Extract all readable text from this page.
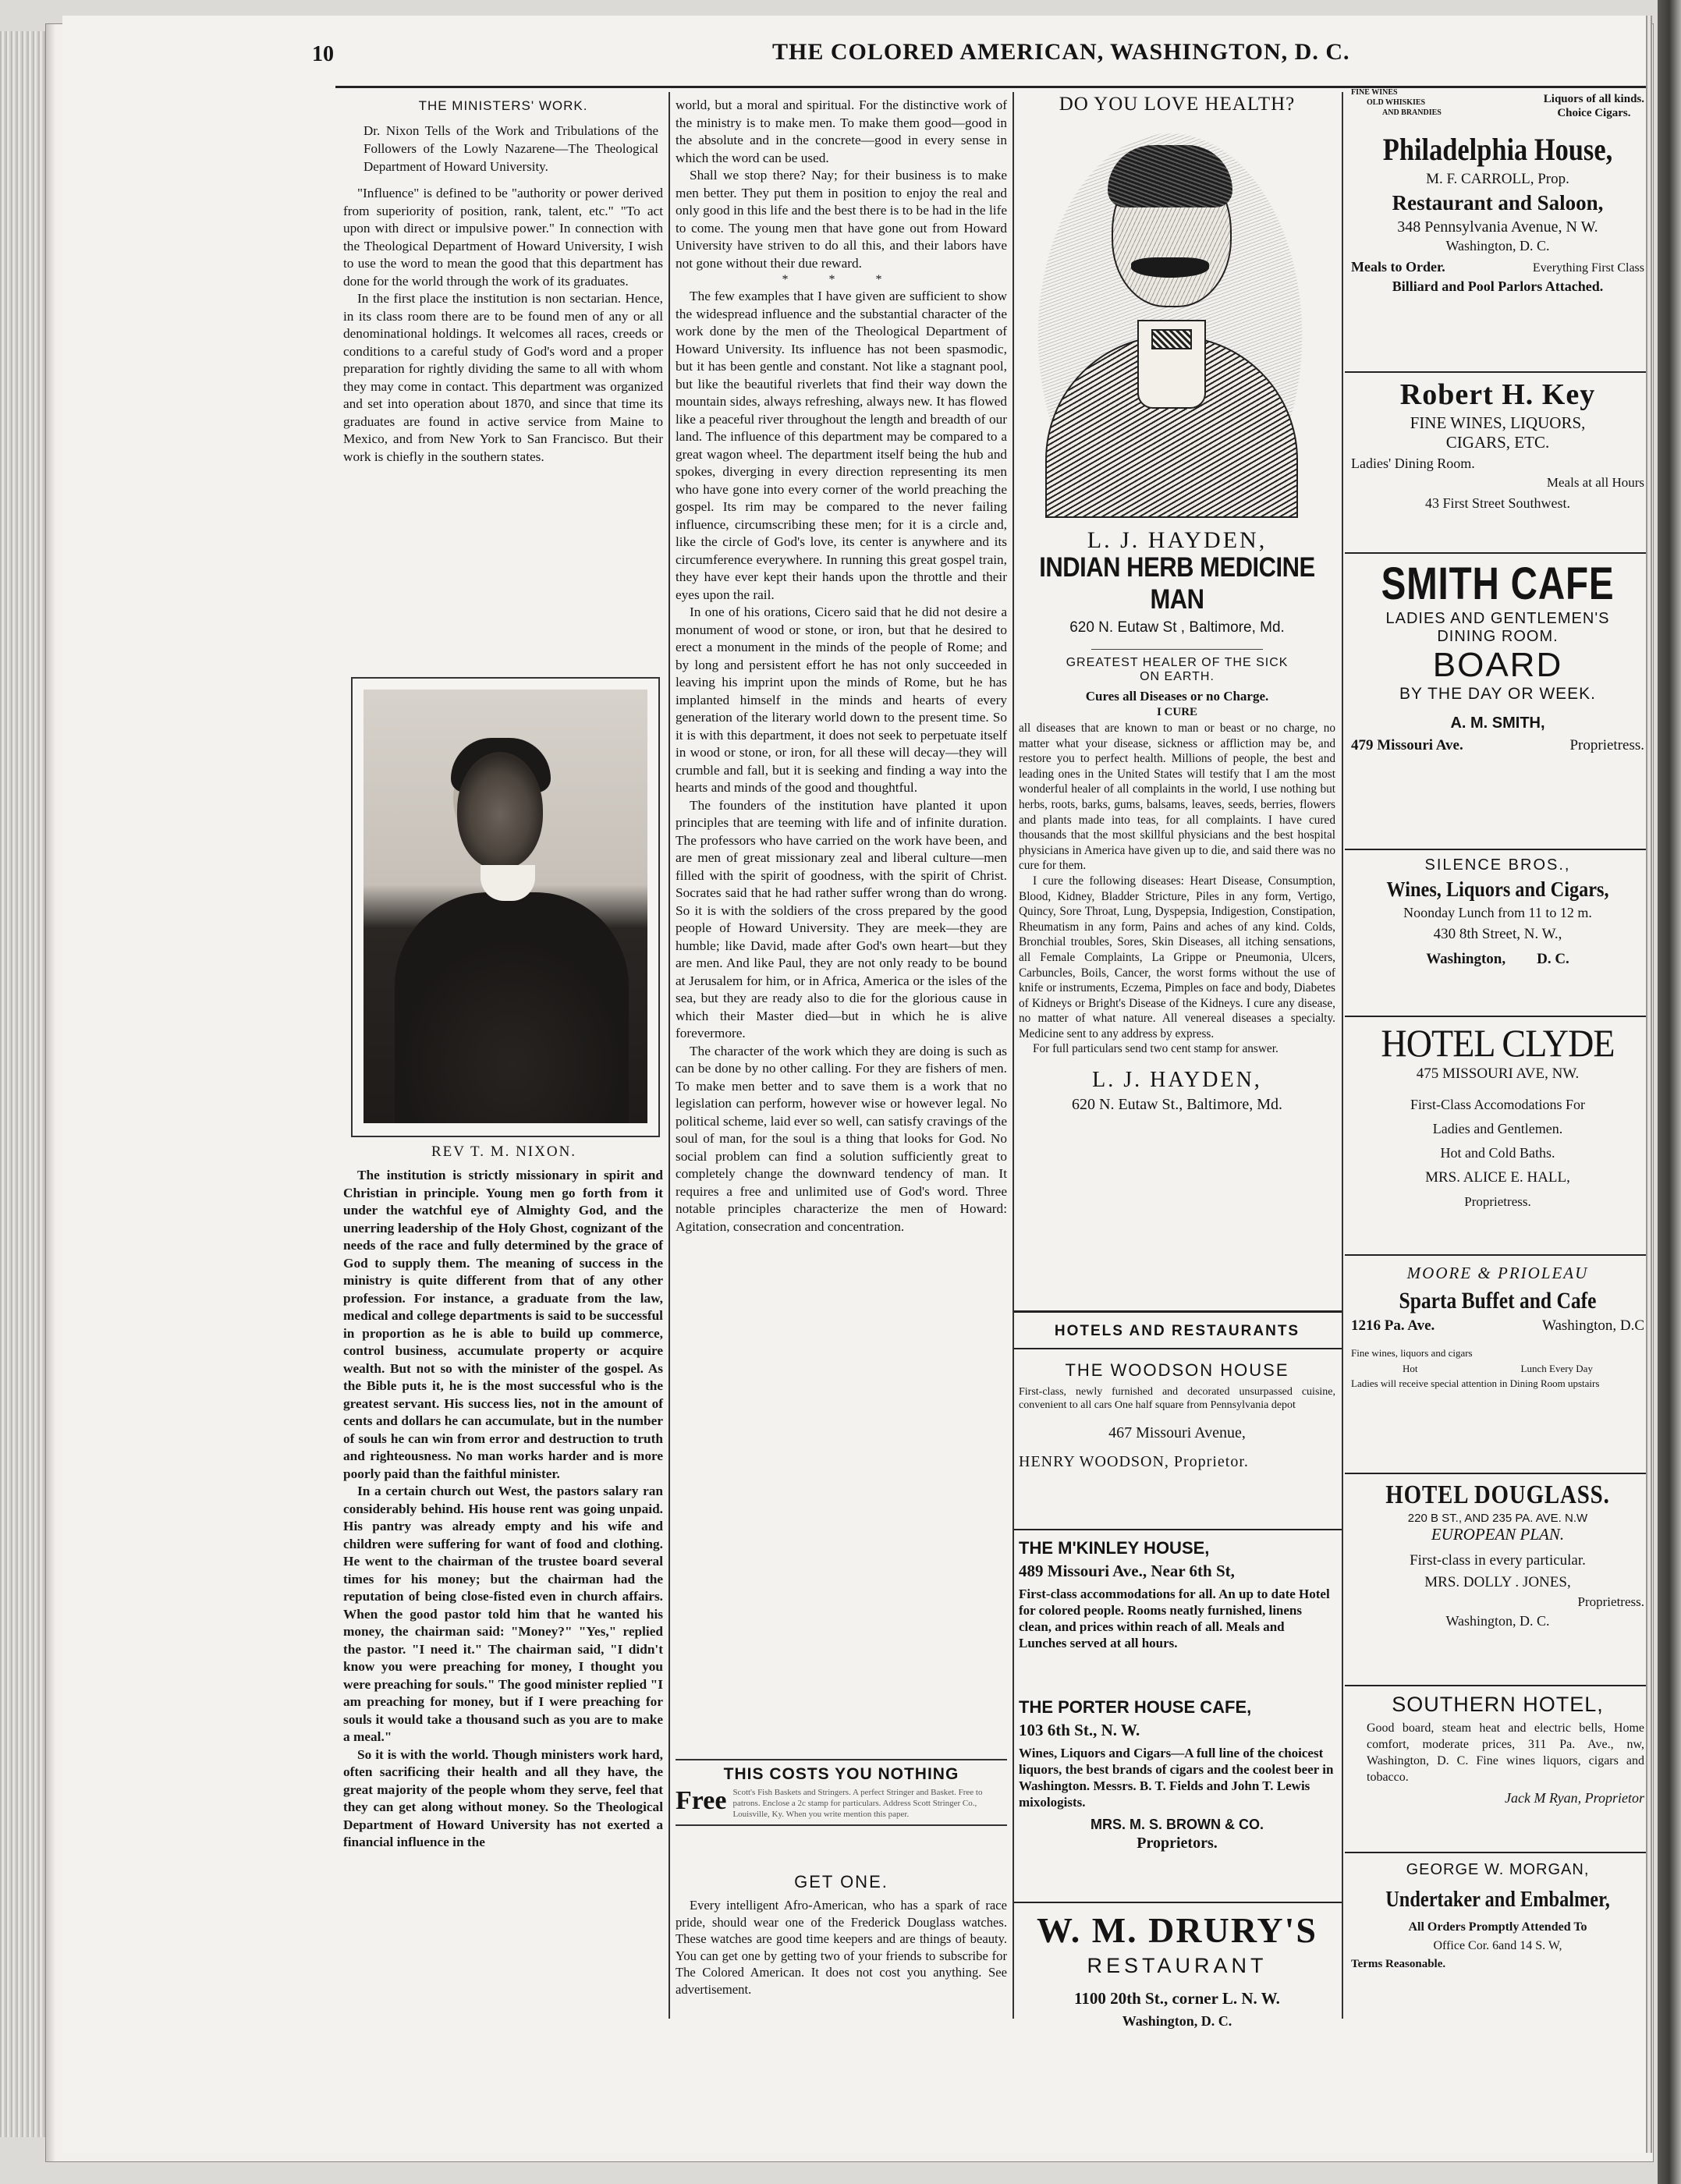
10	THE COLORED AMERICAN, WASHINGTON, D. C.
THE MINISTERS' WORK.
Dr. Nixon Tells of the Work and Tribulations of the Followers of the Lowly Nazarene—The Theological Department of Howard University.

"Influence" is defined to be "authority or power derived from superiority of position, rank, talent, etc." "To act upon with direct or impulsive power." In connection with the Theological Department of Howard University, I wish to use the word to mean the good that this department has done for the world through the work of its graduates.

In the first place the institution is non sectarian. Hence, in its class room there are to be found men of any or all denominational holdings. It welcomes all races, creeds or conditions to a careful study of God's word and a proper preparation for rightly dividing the same to all with whom they may come in contact. This department was organized and set into operation about 1870, and since that time its graduates are found in active service from Maine to Mexico, and from New York to San Francisco. But their work is chiefly in the southern states.

REV T. M. NIXON.

The institution is strictly missionary in spirit and Christian in principle. Young men go forth from it under the watchful eye of Almighty God, and the unerring leadership of the Holy Ghost, cognizant of the needs of the race and fully determined by the grace of God to supply them. The meaning of success in the ministry is quite different from that of any other profession. For instance, a graduate from the law, medical and college departments is said to be successful in proportion as he is able to build up commerce, control business, accumulate property or acquire wealth. But not so with the minister of the gospel. As the Bible puts it, he is the most successful who is the greatest servant. His success lies, not in the amount of cents and dollars he can accumulate, but in the number of souls he can win from error and destruction to truth and righteousness. No man works harder and is more poorly paid than the faithful minister.

In a certain church out West, the pastors salary ran considerably behind. His house rent was going unpaid. His pantry was already empty and his wife and children were suffering for want of food and clothing. He went to the chairman of the trustee board several times for his money; but the chairman had the reputation of being close-fisted even in church affairs. When the good pastor told him that he wanted his money, the chairman said: "Money?" "Yes," replied the pastor. "I need it." The chairman said, "I didn't know you were preaching for money, I thought you were preaching for souls." The good minister replied "I am preaching for money, but if I were preaching for souls it would take a thousand such as you are to make a meal."

So it is with the world. Though ministers work hard, often sacrificing their health and all they have, the great majority of the people whom they serve, feel that they can get along without money. So the Theological Department of Howard University has not exerted a financial influence in the

world, but a moral and spiritual. For the distinctive work of the ministry is to make men. To make them good—good in the absolute and in the concrete—good in every sense in which the word can be used.

Shall we stop there? Nay; for their business is to make men better. They put them in position to enjoy the real and only good in this life and the best there is to be had in the life to come. The young men that have gone out from Howard University have striven to do all this, and their labors have not gone without their due reward.

* * *

The few examples that I have given are sufficient to show the widespread influence and the substantial character of the work done by the men of the Theological Department of Howard University. Its influence has not been spasmodic, but it has been gentle and constant. Not like a stagnant pool, but like the beautiful riverlets that find their way down the mountain sides, always refreshing, always new. It has flowed like a peaceful river throughout the length and breadth of our land. The influence of this department may be compared to a great wagon wheel. The department itself being the hub and spokes, diverging in every direction representing its men who have gone into every corner of the world preaching the gospel. Its rim may be compared to the never failing influence, circumscribing these men; for it is a circle and, like the circle of God's love, its center is anywhere and its circumference everywhere. In running this great gospel train, they have ever kept their hands upon the throttle and their eyes upon the rail.

In one of his orations, Cicero said that he did not desire a monument of wood or stone, or iron, but that he desired to erect a monument in the minds of the people of Rome; and by long and persistent effort he has not only succeeded in leaving his imprint upon the minds of Rome, but he has implanted himself in the minds and hearts of every generation of the literary world down to the present time. So it is with this department, it does not seek to perpetuate itself in wood or stone, or iron, for all these will decay—they will crumble and fall, but it is seeking and finding a way into the hearts and minds of the good and thoughtful.

The founders of the institution have planted it upon principles that are teeming with life and of infinite duration. The professors who have carried on the work have been, and are men of great missionary zeal and liberal culture—men filled with the spirit of goodness, with the spirit of Christ. Socrates said that he had rather suffer wrong than do wrong. So it is with the soldiers of the cross prepared by the good people of Howard University. They are meek—they are humble; like David, made after God's own heart—but they are men. And like Paul, they are not only ready to be bound at Jerusalem for him, or in Africa, America or the isles of the sea, but they are ready also to die for the glorious cause in which their Master died—but in which he is alive forevermore.

The character of the work which they are doing is such as can be done by no other calling. For they are fishers of men. To make men better and to save them is a work that no legislation can perform, however wise or however legal. No political scheme, laid ever so well, can satisfy cravings of the soul of man, for the soul is a thing that looks for God. No social problem can find a solution sufficiently great to completely change the downward tendency of man. It requires a free and unlimited use of God's word. Three notable principles characterize the men of Howard: Agitation, consecration and concentration.

THIS COSTS YOU NOTHING
Free Scott's Fish Baskets and Stringers. A perfect Stringer and Basket. Free to patrons. Enclose a 2c stamp for particulars. Address Scott Stringer Co., Louisville, Ky. When you write mention this paper.
GET ONE.

Every intelligent Afro-American, who has a spark of race pride, should wear one of the Frederick Douglass watches. These watches are good time keepers and are things of beauty. You can get one by getting two of your friends to subscribe for The Colored American. It does not cost you anything. See advertisement.

DO YOU LOVE HEALTH?
L. J. HAYDEN,
INDIAN HERB MEDICINE MAN
620 N. Eutaw St , Baltimore, Md.
GREATEST HEALER OF THE SICK ON EARTH.
Cures all Diseases or no Charge.
I CURE

all diseases that are known to man or beast or no charge, no matter what your disease, sickness or affliction may be, and restore you to perfect health. Millions of people, the best and leading ones in the United States will testify that I am the most wonderful healer of all complaints in the world, I use nothing but herbs, roots, barks, gums, balsams, leaves, seeds, berries, flowers and plants made into teas, for all complaints. I have cured thousands that the most skillful physicians and the best hospital physicians in America have given up to die, and said there was no cure for them.

I cure the following diseases: Heart Disease, Consumption, Blood, Kidney, Bladder Stricture, Piles in any form, Vertigo, Quincy, Sore Throat, Lung, Dyspepsia, Indigestion, Constipation, Rheumatism in any form, Pains and aches of any kind. Colds, Bronchial troubles, Sores, Skin Diseases, all itching sensations, all Female Complaints, La Grippe or Pneumonia, Ulcers, Carbuncles, Boils, Cancer, the worst forms without the use of knife or instruments, Eczema, Pimples on face and body, Diabetes of Kidneys or Bright's Disease of the Kidneys. I cure any disease, no matter of what nature. All venereal diseases a specialty. Medicine sent to any address by express.

For full particulars send two cent stamp for answer.

L. J. HAYDEN,
620 N. Eutaw St., Baltimore, Md.
HOTELS AND RESTAURANTS
THE WOODSON HOUSE
First-class, newly furnished and decorated unsurpassed cuisine, convenient to all cars One half square from Pennsylvania depot
467 Missouri Avenue,
HENRY WOODSON, Proprietor.
THE M'KINLEY HOUSE,
489 Missouri Ave., Near 6th St,
First-class accommodations for all. An up to date Hotel for colored people. Rooms neatly furnished, linens clean, and prices within reach of all. Meals and Lunches served at all hours.
THE PORTER HOUSE CAFE,
103 6th St., N. W.
Wines, Liquors and Cigars—A full line of the choicest liquors, the best brands of cigars and the coolest beer in Washington. Messrs. B. T. Fields and John T. Lewis mixologists.
MRS. M. S. BROWN & CO.
Proprietors.
W. M. DRURY'S
RESTAURANT
1100 20th St., corner L. N. W.
Washington, D. C.
FINE WINES
OLD WHISKIES
AND BRANDIES
Liquors of all kinds.
Choice Cigars.
Philadelphia House,
M. F. CARROLL, Prop.
Restaurant and Saloon,
348 Pennsylvania Avenue, N W.
Washington, D. C.
Meals to Order.	Everything First Class
Billiard and Pool Parlors Attached.
Robert H. Key
FINE WINES, LIQUORS,
CIGARS, ETC.
Ladies' Dining Room.
Meals at all Hours
43 First Street Southwest.
SMITH CAFE
LADIES AND GENTLEMEN'S
DINING ROOM.
BOARD
BY THE DAY OR WEEK.
A. M. SMITH,
479 Missouri Ave.	Proprietress.
SILENCE BROS.,
Wines, Liquors and Cigars,
Noonday Lunch from 11 to 12 m.
430 8th Street, N. W.,
Washington, D. C.
HOTEL CLYDE
475 MISSOURI AVE, NW.
First-Class Accomodations For
Ladies and Gentlemen.
Hot and Cold Baths.
MRS. ALICE E. HALL,
Proprietress.
MOORE & PRIOLEAU
Sparta Buffet and Cafe
1216 Pa. Ave.	Washington, D.C
Fine wines, liquors and cigars
Hot	Lunch Every Day
Ladies will receive special attention in Dining Room upstairs
HOTEL DOUGLASS.
220 B ST., AND 235 PA. AVE. N.W
EUROPEAN PLAN.
First-class in every particular.
MRS. DOLLY . JONES,
Proprietress.
Washington, D. C.
SOUTHERN HOTEL,
Good board, steam heat and electric bells, Home comfort, moderate prices, 311 Pa. Ave., nw, Washington, D. C. Fine wines liquors, cigars and tobacco.
Jack M Ryan, Proprietor
GEORGE W. MORGAN,
Undertaker and Embalmer,
All Orders Promptly Attended To
Office Cor. 6and 14 S. W,
Terms Reasonable.
